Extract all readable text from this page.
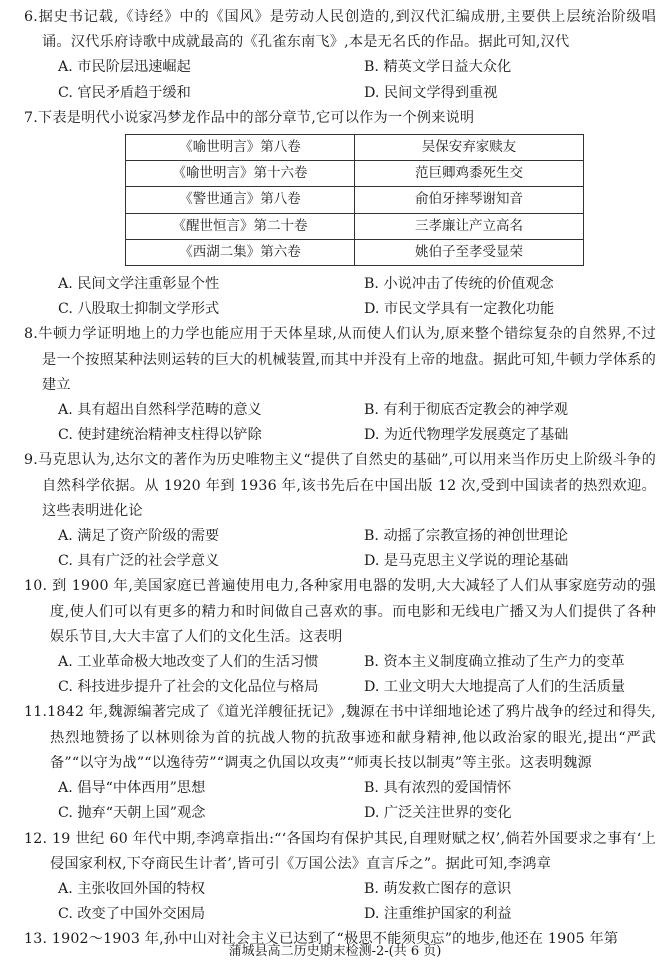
6.据史书记载,《诗经》中的《国风》是劳动人民创造的,到汉代汇编成册,主要供上层统治阶级唱诵。汉代乐府诗歌中成就最高的《孔雀东南飞》,本是无名氏的作品。据此可知,汉代

A. 市民阶层迅速崛起	B. 精英文学日益大众化
C. 官民矛盾趋于缓和	D. 民间文学得到重视

7.下表是明代小说家冯梦龙作品中的部分章节,它可以作为一个例来说明

《喻世明言》第八卷	吴保安弃家赎友
《喻世明言》第十六卷	范巨卿鸡黍死生交
《警世通言》第八卷	俞伯牙摔琴谢知音
《醒世恒言》第二十卷	三孝廉让产立高名
《西湖二集》第六卷	姚伯子至孝受显荣
A. 民间文学注重彰显个性	B. 小说冲击了传统的价值观念
C. 八股取士抑制文学形式	D. 市民文学具有一定教化功能

8.牛顿力学证明地上的力学也能应用于天体星球,从而使人们认为,原来整个错综复杂的自然界,不过是一个按照某种法则运转的巨大的机械装置,而其中并没有上帝的地盘。据此可知,牛顿力学体系的建立

A. 具有超出自然科学范畴的意义	B. 有利于彻底否定教会的神学观
C. 使封建统治精神支柱得以铲除	D. 为近代物理学发展奠定了基础

9.马克思认为,达尔文的著作为历史唯物主义“提供了自然史的基础”,可以用来当作历史上阶级斗争的自然科学依据。从 1920 年到 1936 年,该书先后在中国出版 12 次,受到中国读者的热烈欢迎。这些表明进化论

A. 满足了资产阶级的需要	B. 动摇了宗教宣扬的神创世理论
C. 具有广泛的社会学意义	D. 是马克思主义学说的理论基础

10. 到 1900 年,美国家庭已普遍使用电力,各种家用电器的发明,大大减轻了人们从事家庭劳动的强度,使人们可以有更多的精力和时间做自己喜欢的事。而电影和无线电广播又为人们提供了各种娱乐节目,大大丰富了人们的文化生活。这表明

A. 工业革命极大地改变了人们的生活习惯	B. 资本主义制度确立推动了生产力的变革
C. 科技进步提升了社会的文化品位与格局	D. 工业文明大大地提高了人们的生活质量

11.1842 年,魏源编著完成了《道光洋艘征抚记》,魏源在书中详细地论述了鸦片战争的经过和得失,热烈地赞扬了以林则徐为首的抗战人物的抗敌事迹和献身精神,他以政治家的眼光,提出“严武备”“以守为战”“以逸待劳”“调夷之仇国以攻夷”“师夷长技以制夷”等主张。这表明魏源

A. 倡导“中体西用”思想	B. 具有浓烈的爱国情怀
C. 抛弃“天朝上国”观念	D. 广泛关注世界的变化

12. 19 世纪 60 年代中期,李鸿章指出:“‘各国均有保护其民,自理财赋之权’,倘若外国要求之事有‘上侵国家利权,下夺商民生计者’,皆可引《万国公法》直言斥之”。据此可知,李鸿章

A. 主张收回外国的特权	B. 萌发救亡图存的意识
C. 改变了中国外交困局	D. 注重维护国家的利益

13. 1902～1903 年,孙中山对社会主义已达到了“极思不能须臾忘”的地步,他还在 1905 年第

蒲城县高二历史期末检测-2-(共 6 页)
